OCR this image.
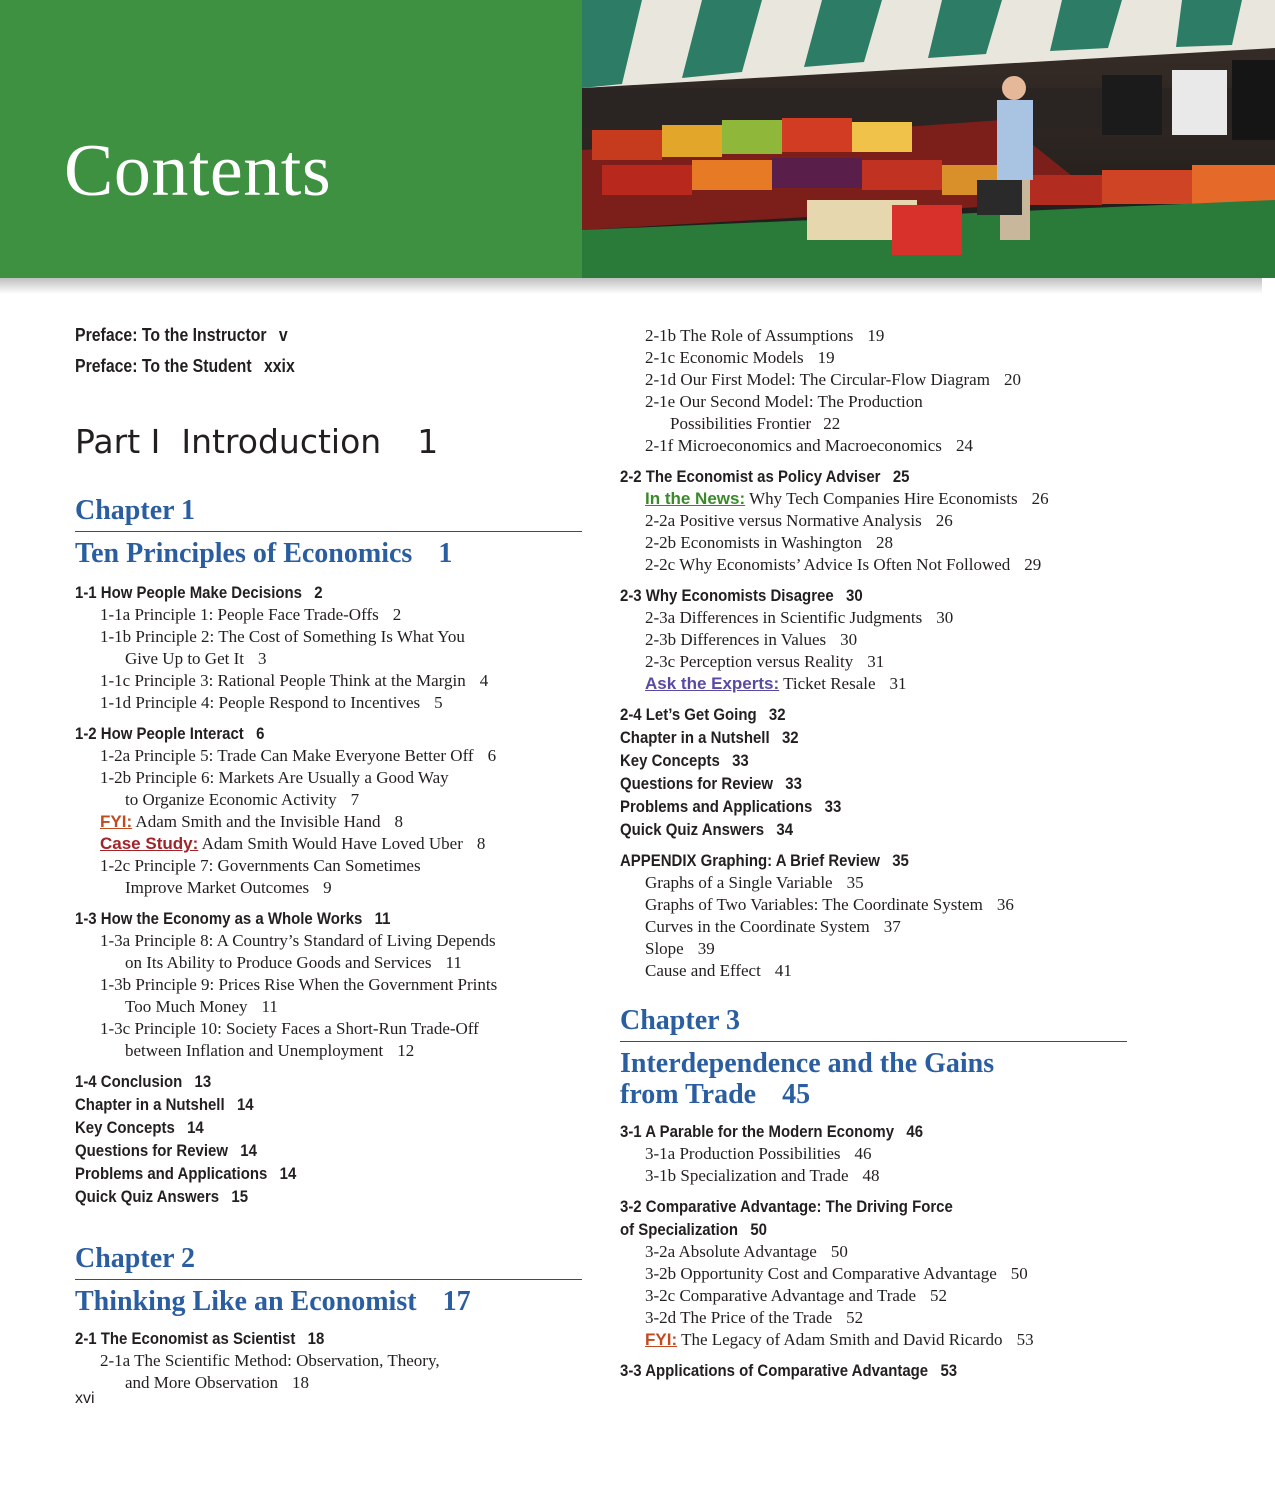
Contents
Preface: To the Instructor v
Preface: To the Student xxix
Part I  Introduction 1
Chapter 1
Ten Principles of Economics 1
1-1 How People Make Decisions 2
1-1a Principle 1: People Face Trade-Offs 2
1-1b Principle 2: The Cost of Something Is What You
Give Up to Get It 3
1-1c Principle 3: Rational People Think at the Margin 4
1-1d Principle 4: People Respond to Incentives 5
1-2 How People Interact 6
1-2a Principle 5: Trade Can Make Everyone Better Off 6
1-2b Principle 6: Markets Are Usually a Good Way
to Organize Economic Activity 7
FYI: Adam Smith and the Invisible Hand 8
Case Study: Adam Smith Would Have Loved Uber 8
1-2c Principle 7: Governments Can Sometimes
Improve Market Outcomes 9
1-3 How the Economy as a Whole Works 11
1-3a Principle 8: A Country’s Standard of Living Depends
on Its Ability to Produce Goods and Services 11
1-3b Principle 9: Prices Rise When the Government Prints
Too Much Money 11
1-3c Principle 10: Society Faces a Short-Run Trade-Off
between Inflation and Unemployment 12
1-4 Conclusion 13
Chapter in a Nutshell 14
Key Concepts 14
Questions for Review 14
Problems and Applications 14
Quick Quiz Answers 15
Chapter 2
Thinking Like an Economist 17
2-1 The Economist as Scientist 18
2-1a The Scientific Method: Observation, Theory,
and More Observation 18
2-1b The Role of Assumptions 19
2-1c Economic Models 19
2-1d Our First Model: The Circular-Flow Diagram 20
2-1e Our Second Model: The Production
Possibilities Frontier 22
2-1f Microeconomics and Macroeconomics 24
2-2 The Economist as Policy Adviser 25
In the News: Why Tech Companies Hire Economists 26
2-2a Positive versus Normative Analysis 26
2-2b Economists in Washington 28
2-2c Why Economists’ Advice Is Often Not Followed 29
2-3 Why Economists Disagree 30
2-3a Differences in Scientific Judgments 30
2-3b Differences in Values 30
2-3c Perception versus Reality 31
Ask the Experts: Ticket Resale 31
2-4 Let’s Get Going 32
Chapter in a Nutshell 32
Key Concepts 33
Questions for Review 33
Problems and Applications 33
Quick Quiz Answers 34
APPENDIX Graphing: A Brief Review 35
Graphs of a Single Variable 35
Graphs of Two Variables: The Coordinate System 36
Curves in the Coordinate System 37
Slope 39
Cause and Effect 41
Chapter 3
Interdependence and the Gains
from Trade 45
3-1 A Parable for the Modern Economy 46
3-1a Production Possibilities 46
3-1b Specialization and Trade 48
3-2 Comparative Advantage: The Driving Force
of Specialization 50
3-2a Absolute Advantage 50
3-2b Opportunity Cost and Comparative Advantage 50
3-2c Comparative Advantage and Trade 52
3-2d The Price of the Trade 52
FYI: The Legacy of Adam Smith and David Ricardo 53
3-3 Applications of Comparative Advantage 53
xvi
